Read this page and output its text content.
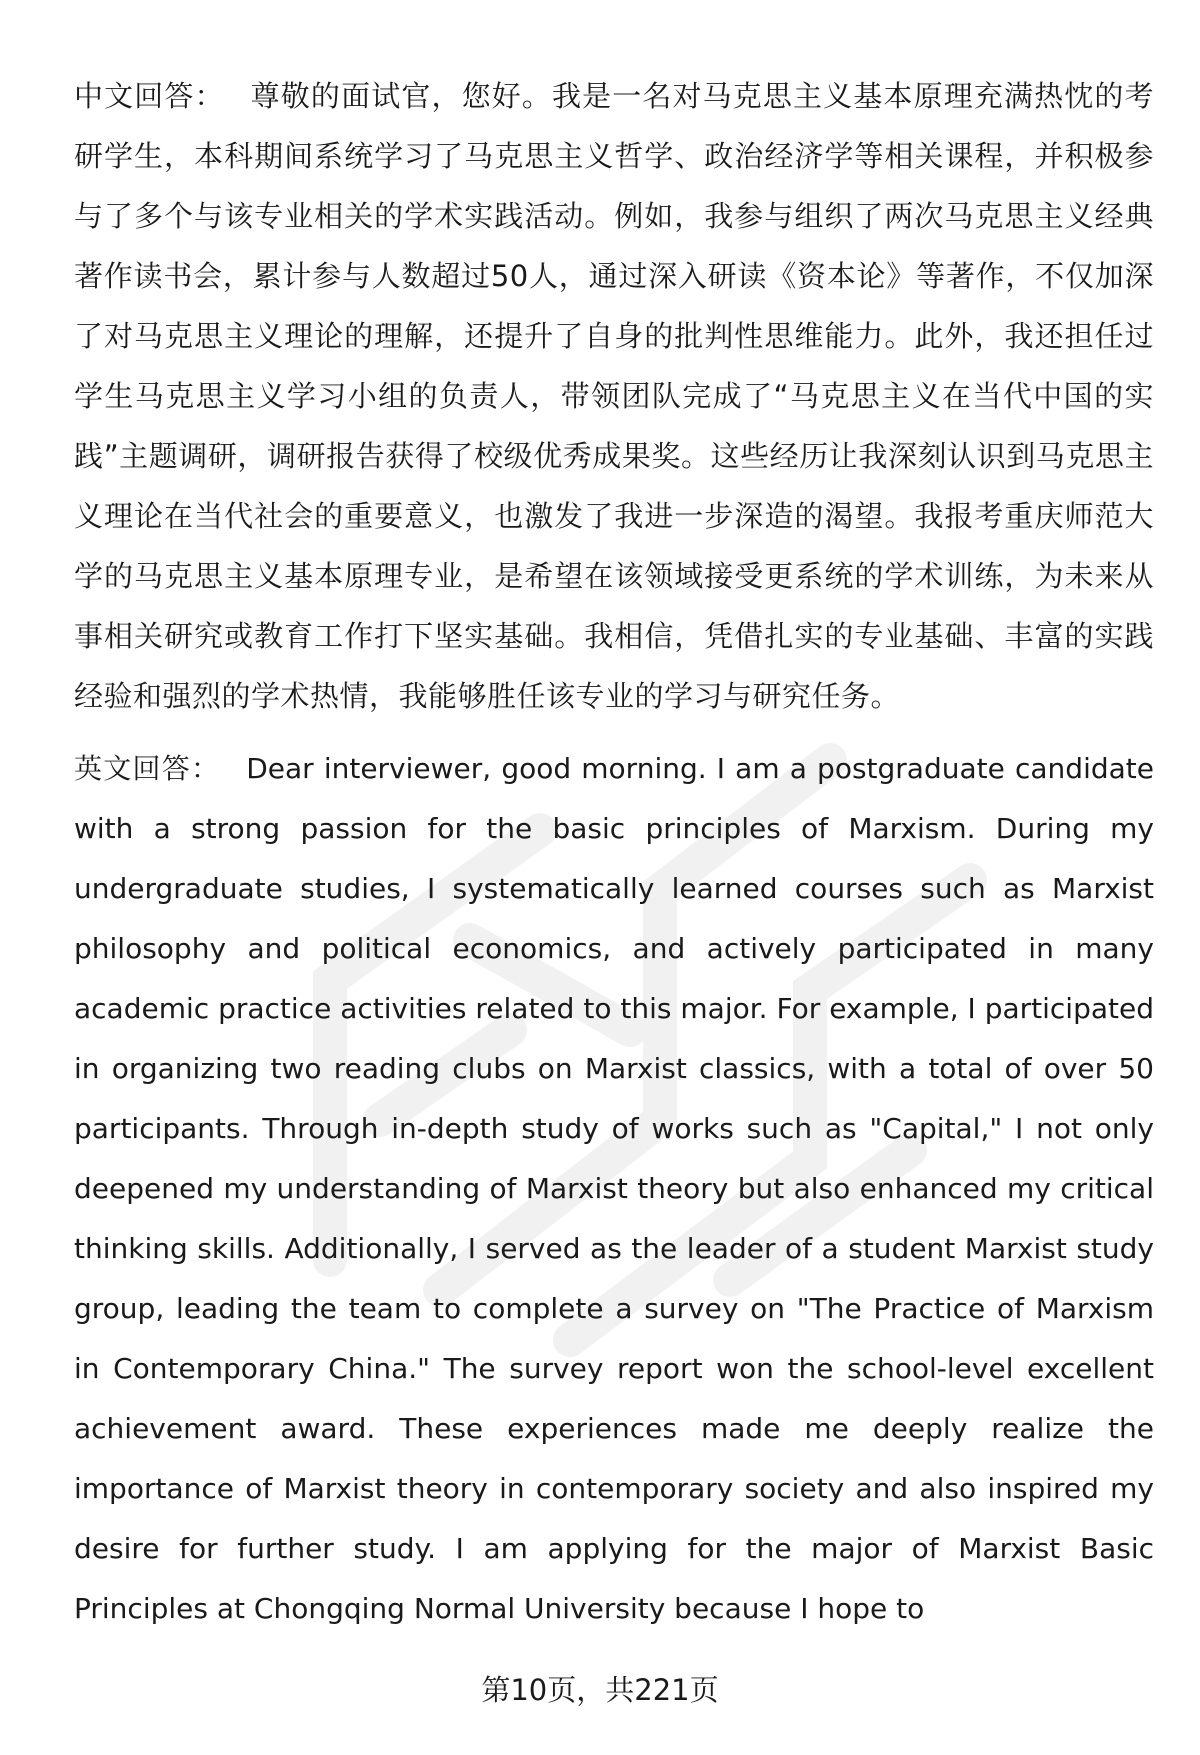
中文回答： 尊敬的面试官，您好。我是一名对马克思主义基本原理充满热忱的考研学生，本科期间系统学习了马克思主义哲学、政治经济学等相关课程，并积极参与了多个与该专业相关的学术实践活动。例如，我参与组织了两次马克思主义经典著作读书会，累计参与人数超过50人，通过深入研读《资本论》等著作，不仅加深了对马克思主义理论的理解，还提升了自身的批判性思维能力。此外，我还担任过学生马克思主义学习小组的负责人，带领团队完成了“马克思主义在当代中国的实践”主题调研，调研报告获得了校级优秀成果奖。这些经历让我深刻认识到马克思主义理论在当代社会的重要意义，也激发了我进一步深造的渴望。我报考重庆师范大学的马克思主义基本原理专业，是希望在该领域接受更系统的学术训练，为未来从事相关研究或教育工作打下坚实基础。我相信，凭借扎实的专业基础、丰富的实践经验和强烈的学术热情，我能够胜任该专业的学习与研究任务。

英文回答： Dear interviewer, good morning. I am a postgraduate candidate with a strong passion for the basic principles of Marxism. During my undergraduate studies, I systematically learned courses such as Marxist philosophy and political economics, and actively participated in many academic practice activities related to this major. For example, I participated in organizing two reading clubs on Marxist classics, with a total of over 50 participants. Through in-depth study of works such as "Capital," I not only deepened my understanding of Marxist theory but also enhanced my critical thinking skills. Additionally, I served as the leader of a student Marxist study group, leading the team to complete a survey on "The Practice of Marxism in Contemporary China." The survey report won the school-level excellent achievement award. These experiences made me deeply realize the importance of Marxist theory in contemporary society and also inspired my desire for further study. I am applying for the major of Marxist Basic Principles at Chongqing Normal University because I hope to

第10页，共221页
